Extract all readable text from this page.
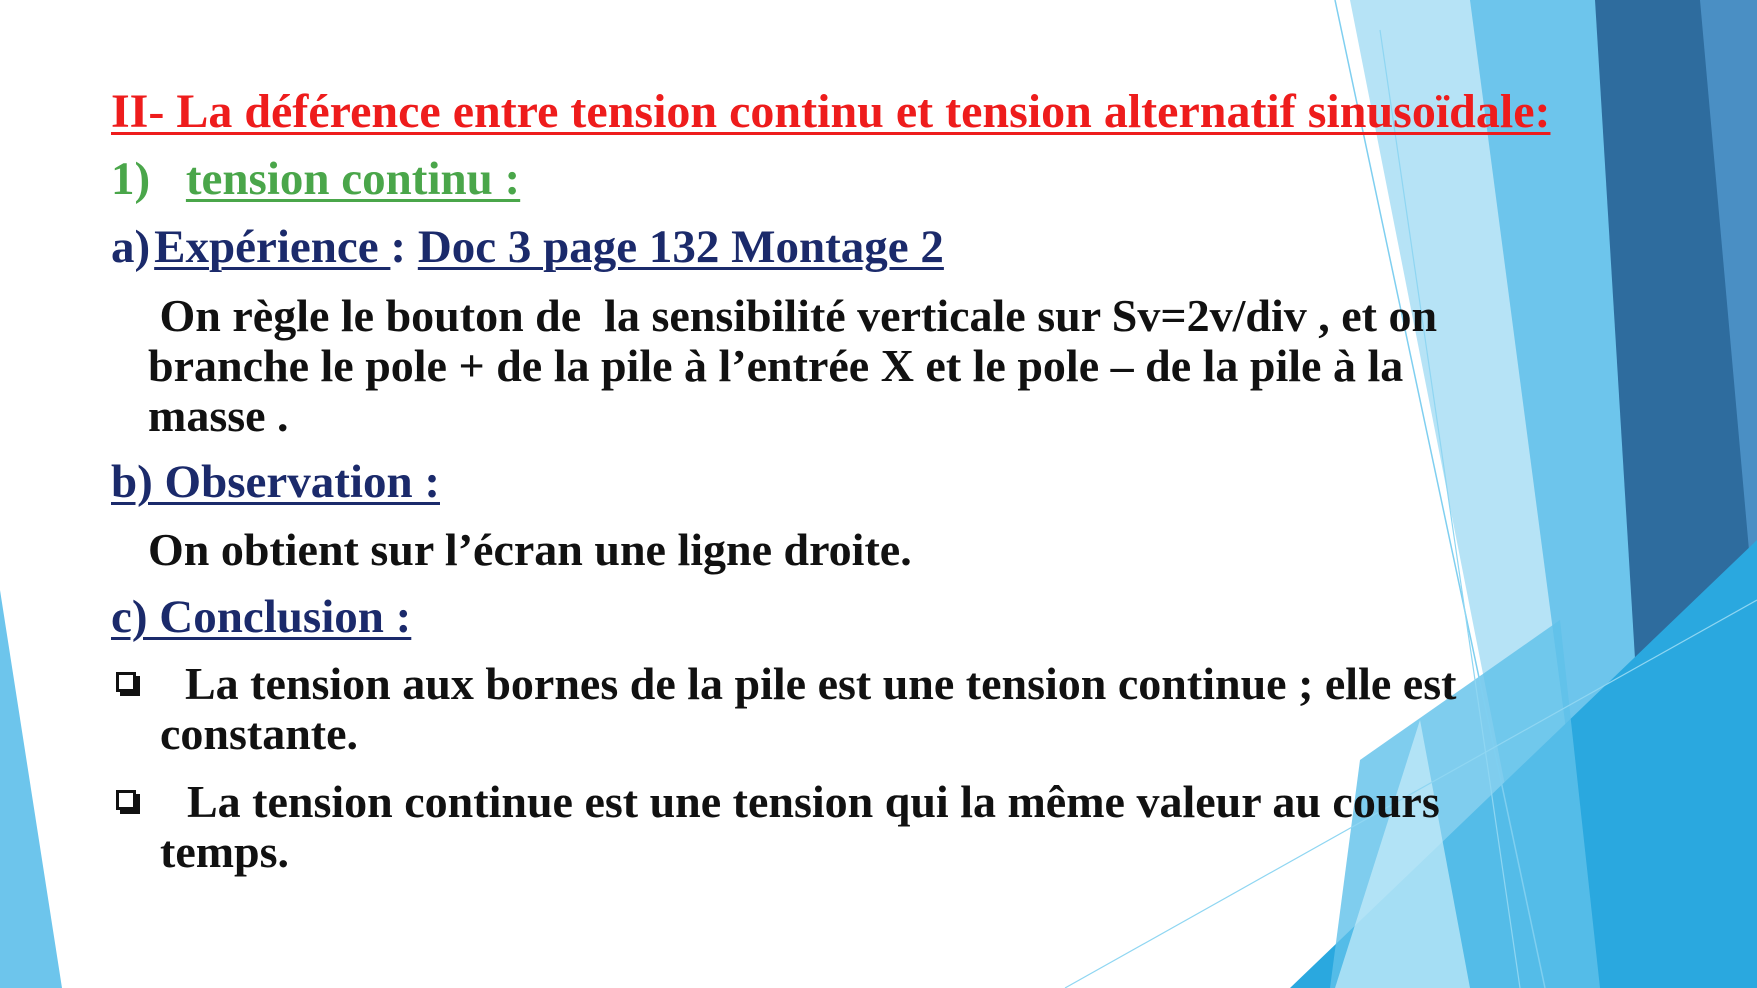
II- La déférence entre tension continu et tension alternatif sinusoïdale:
1) tension continu :
a)Expérience : Doc 3 page 132 Montage 2
On règle le bouton de  la sensibilité verticale sur Sv=2v/div , et on
branche le pole + de la pile à l’entrée X et le pole – de la pile à la
masse .
b) Observation :
On obtient sur l’écran une ligne droite.
c) Conclusion :
La tension aux bornes de la pile est une tension continue ; elle est
constante.
La tension continue est une tension qui la même valeur au cours
temps.
